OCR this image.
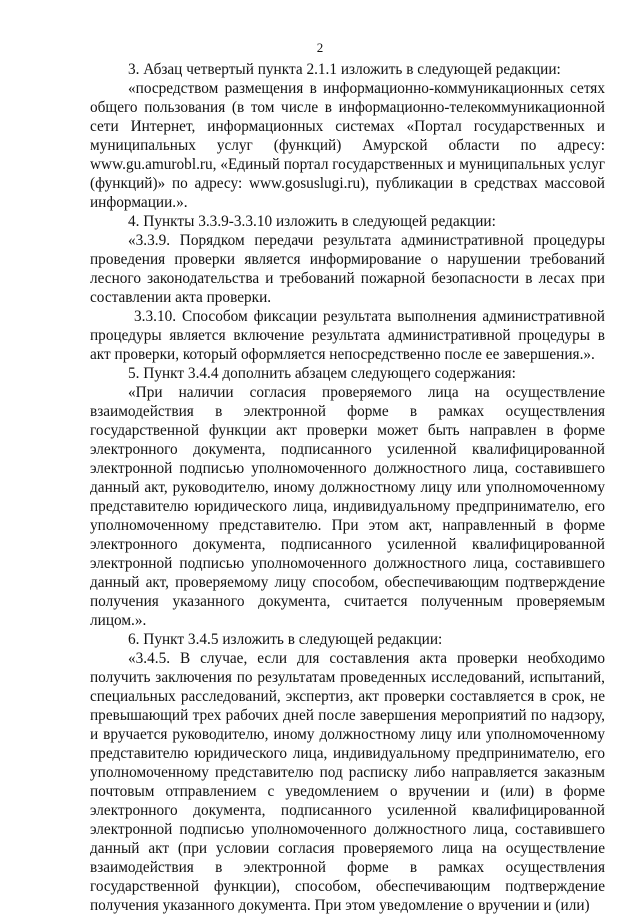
2

3. Абзац четвертый пункта 2.1.1 изложить в следующей редакции:

«посредством размещения в информационно-коммуникационных сетях общего пользования (в том числе в информационно-телекоммуникационной сети Интернет, информационных системах «Портал государственных и муниципальных услуг (функций) Амурской области по адресу: www.gu.amurobl.ru, «Единый портал государственных и муниципальных услуг (функций)» по адресу: www.gosuslugi.ru), публикации в средствах массовой информации.».

4. Пункты 3.3.9-3.3.10 изложить в следующей редакции:

«3.3.9. Порядком передачи результата административной процедуры проведения проверки является информирование о нарушении требований лесного законодательства и требований пожарной безопасности в лесах при составлении акта проверки.

3.3.10. Способом фиксации результата выполнения административной процедуры является включение результата административной процедуры в акт проверки, который оформляется непосредственно после ее завершения.».

5. Пункт 3.4.4 дополнить абзацем следующего содержания:

«При наличии согласия проверяемого лица на осуществление взаимодействия в электронной форме в рамках осуществления государственной функции акт проверки может быть направлен в форме электронного документа, подписанного усиленной квалифицированной электронной подписью уполномоченного должностного лица, составившего данный акт, руководителю, иному должностному лицу или уполномоченному представителю юридического лица, индивидуальному предпринимателю, его уполномоченному представителю. При этом акт, направленный в форме электронного документа, подписанного усиленной квалифицированной электронной подписью уполномоченного должностного лица, составившего данный акт, проверяемому лицу способом, обеспечивающим подтверждение получения указанного документа, считается полученным проверяемым лицом.».

6. Пункт 3.4.5 изложить в следующей редакции:

«3.4.5. В случае, если для составления акта проверки необходимо получить заключения по результатам проведенных исследований, испытаний, специальных расследований, экспертиз, акт проверки составляется в срок, не превышающий трех рабочих дней после завершения мероприятий по надзору, и вручается руководителю, иному должностному лицу или уполномоченному представителю юридического лица, индивидуальному предпринимателю, его уполномоченному представителю под расписку либо направляется заказным почтовым отправлением с уведомлением о вручении и (или) в форме электронного документа, подписанного усиленной квалифицированной электронной подписью уполномоченного должностного лица, составившего данный акт (при условии согласия проверяемого лица на осуществление взаимодействия в электронной форме в рамках осуществления государственной функции), способом, обеспечивающим подтверждение получения указанного документа. При этом уведомление о вручении и (или)
